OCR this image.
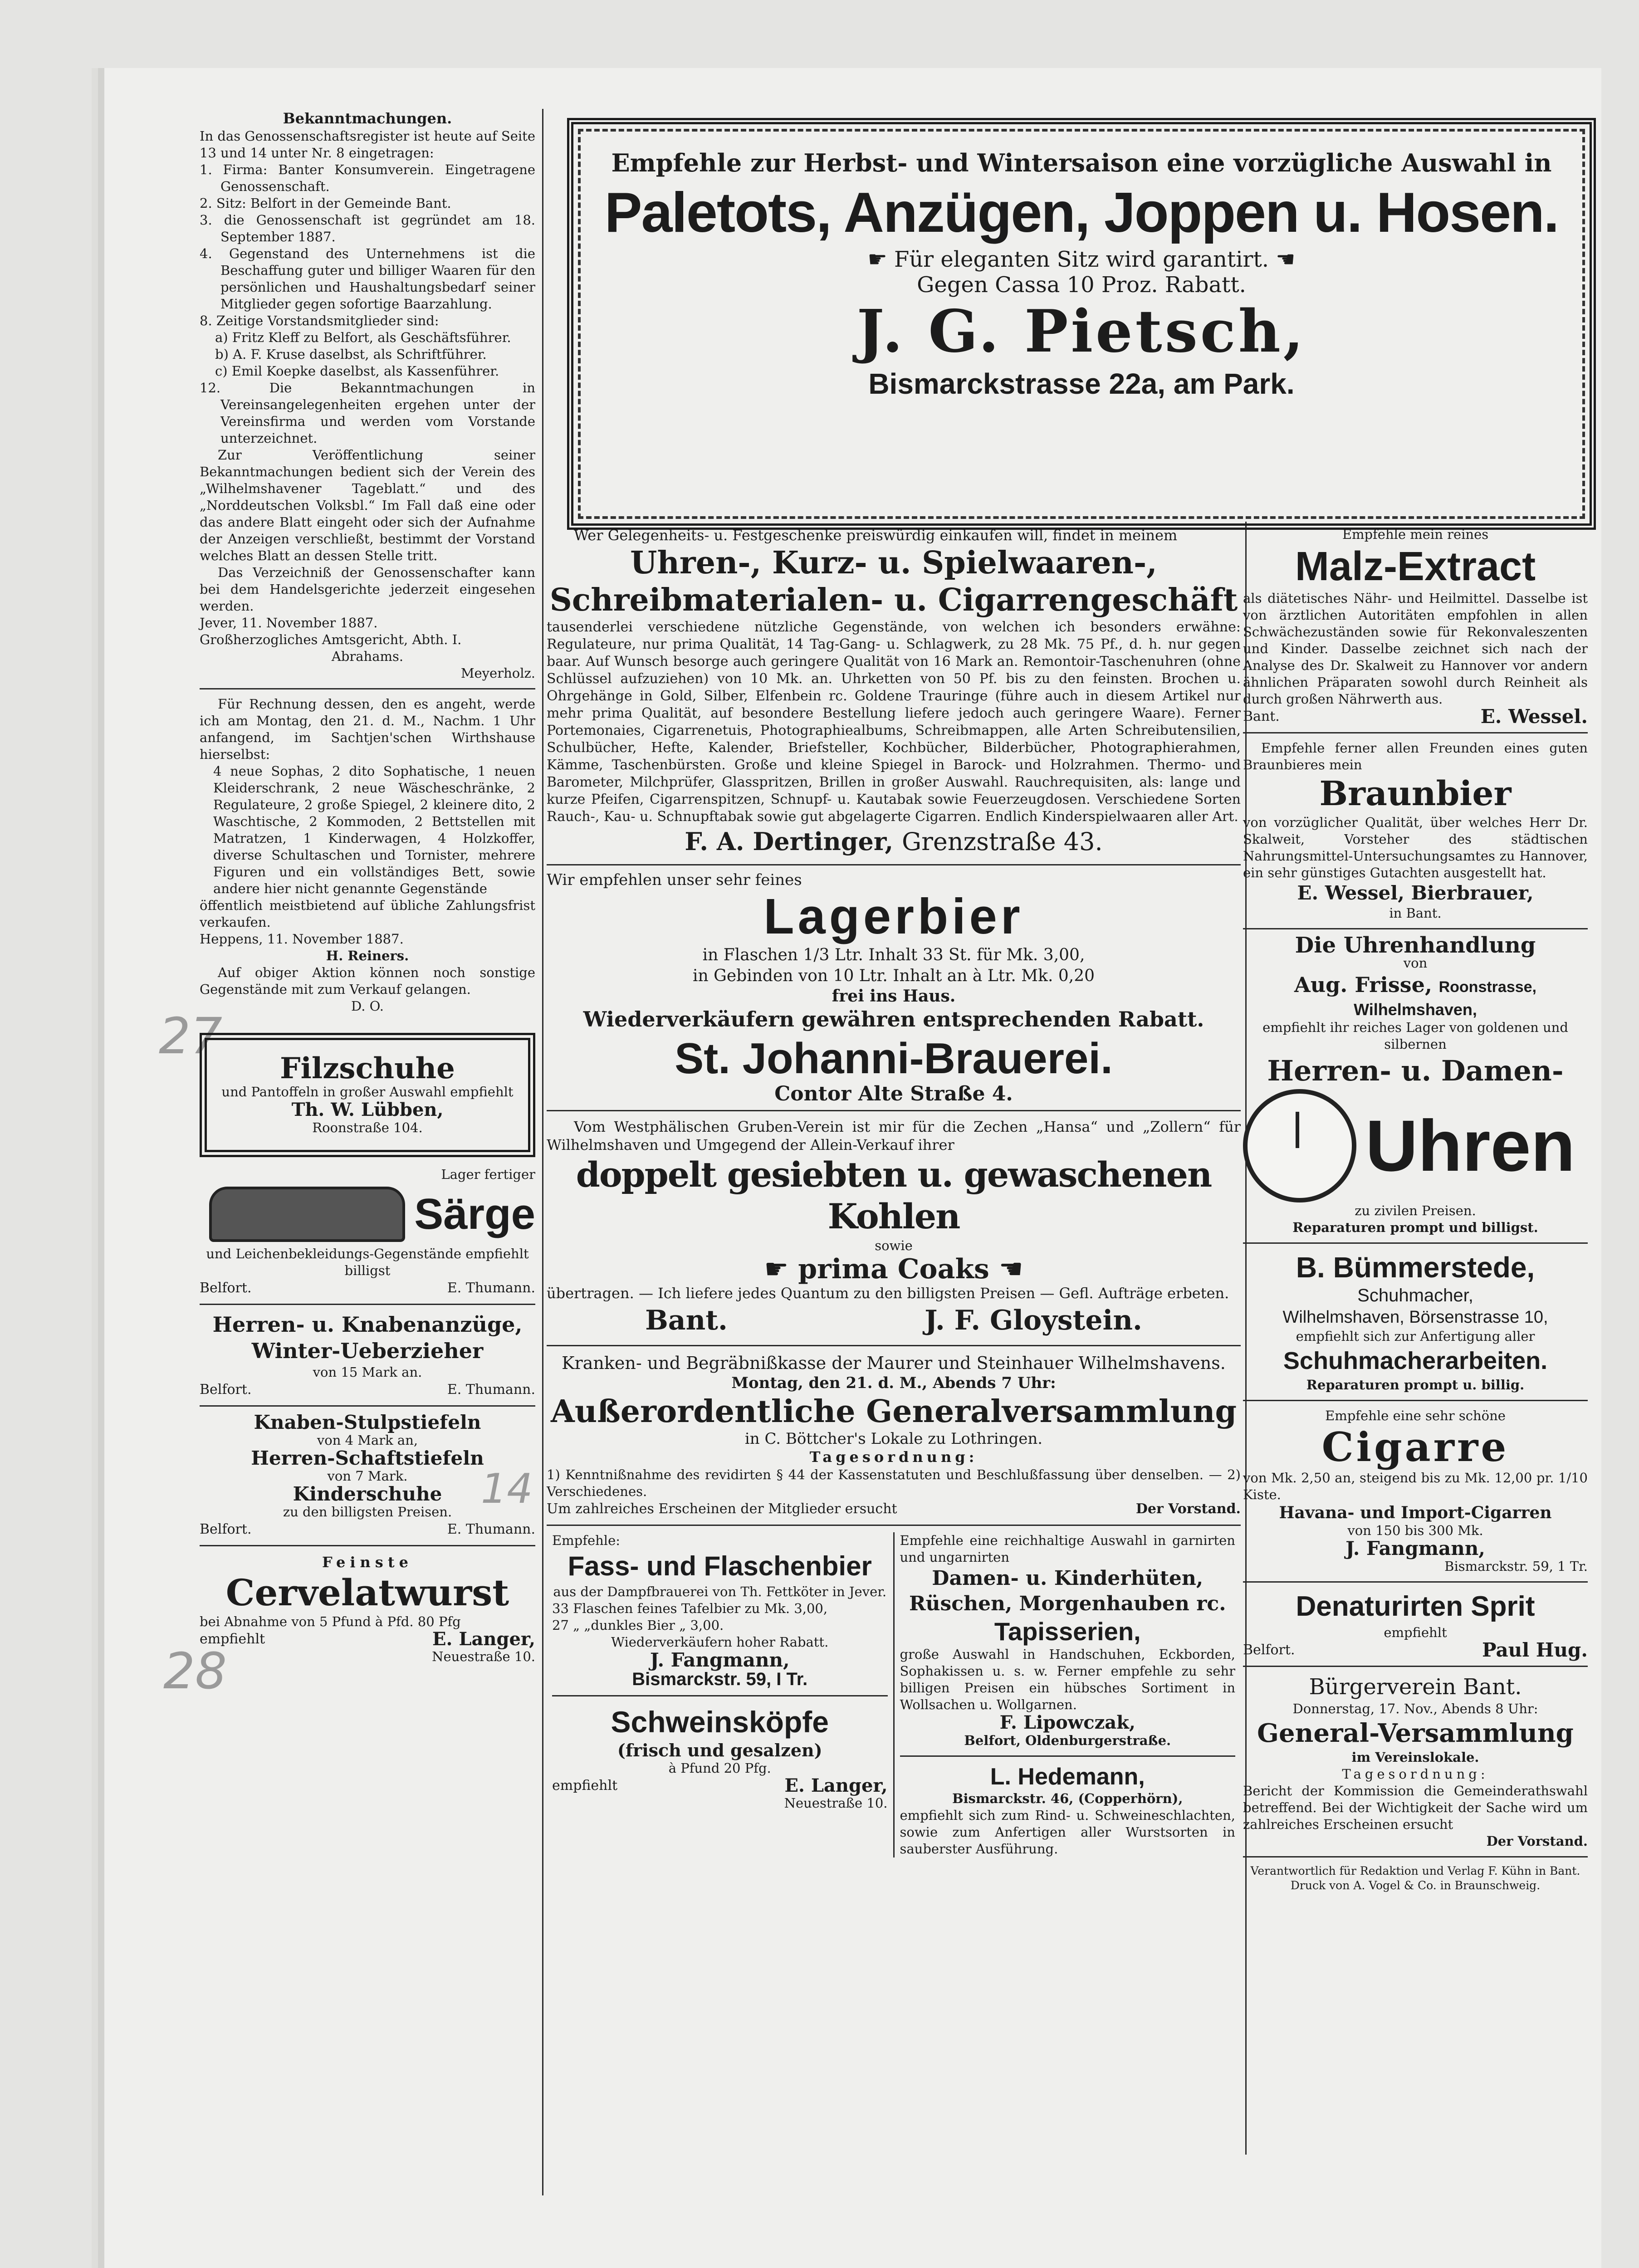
27
28
14

Bekanntmachungen.

In das Genossenschaftsregister ist heute auf Seite 13 und 14 unter Nr. 8 eingetragen:

1. Firma: Banter Konsumverein. Eingetragene Genossenschaft.

2. Sitz: Belfort in der Gemeinde Bant.

3. die Genossenschaft ist gegründet am 18. September 1887.

4. Gegenstand des Unternehmens ist die Beschaffung guter und billiger Waaren für den persönlichen und Haushaltungsbedarf seiner Mitglieder gegen sofortige Baarzahlung.

8. Zeitige Vorstandsmitglieder sind:

a) Fritz Kleff zu Belfort, als Geschäftsführer.

b) A. F. Kruse daselbst, als Schriftführer.

c) Emil Koepke daselbst, als Kassenführer.

12. Die Bekanntmachungen in Vereinsangelegenheiten ergehen unter der Vereinsfirma und werden vom Vorstande unterzeichnet.

Zur Veröffentlichung seiner Bekanntmachungen bedient sich der Verein des „Wilhelmshavener Tageblatt.“ und des „Norddeutschen Volksbl.“ Im Fall daß eine oder das andere Blatt eingeht oder sich der Aufnahme der Anzeigen verschließt, bestimmt der Vorstand welches Blatt an dessen Stelle tritt.

Das Verzeichniß der Genossenschafter kann bei dem Handelsgerichte jederzeit eingesehen werden.

Jever, 11. November 1887.

Großherzogliches Amtsgericht, Abth. I.

Abrahams.

Meyerholz.

Für Rechnung dessen, den es angeht, werde ich am Montag, den 21. d. M., Nachm. 1 Uhr anfangend, im Sachtjen'schen Wirthshause hierselbst:

4 neue Sophas, 2 dito Sophatische, 1 neuen Kleiderschrank, 2 neue Wäscheschränke, 2 Regulateure, 2 große Spiegel, 2 kleinere dito, 2 Waschtische, 2 Kommoden, 2 Bettstellen mit Matratzen, 1 Kinderwagen, 4 Holzkoffer, diverse Schultaschen und Tornister, mehrere Figuren und ein vollständiges Bett, sowie andere hier nicht genannte Gegenstände

öffentlich meistbietend auf übliche Zahlungsfrist verkaufen.

Heppens, 11. November 1887.

H. Reiners.

Auf obiger Aktion können noch sonstige Gegenstände mit zum Verkauf gelangen.

D. O.

Filzschuhe

und Pantoffeln in großer Auswahl empfiehlt

Th. W. Lübben,

Roonstraße 104.

Lager fertiger

Särge

und Leichenbekleidungs-Gegenstände empfiehlt billigst

Belfort.	E. Thumann.

Herren- u. Knabenanzüge, Winter-Ueberzieher

von 15 Mark an.

Belfort.	E. Thumann.

Knaben-Stulpstiefeln

von 4 Mark an,

Herren-Schaftstiefeln

von 7 Mark.

Kinderschuhe

zu den billigsten Preisen.

Belfort.	E. Thumann.

Feinste

Cervelatwurst

bei Abnahme von 5 Pfund à Pfd. 80 Pfg

empfiehlt	E. Langer,

Neuestraße 10.

Empfehle zur Herbst- und Wintersaison eine vorzügliche Auswahl in

Paletots, Anzügen, Joppen u. Hosen.

☛ Für eleganten Sitz wird garantirt. ☚

Gegen Cassa 10 Proz. Rabatt.

J. G. Pietsch,

Bismarckstrasse 22a, am Park.

Wer Gelegenheits- u. Festgeschenke preiswürdig einkaufen will, findet in meinem

Uhren-, Kurz- u. Spielwaaren-, Schreibmaterialen- u. Cigarrengeschäft

tausenderlei verschiedene nützliche Gegenstände, von welchen ich besonders erwähne: Regulateure, nur prima Qualität, 14 Tag-Gang- u. Schlagwerk, zu 28 Mk. 75 Pf., d. h. nur gegen baar. Auf Wunsch besorge auch geringere Qualität von 16 Mark an. Remontoir-Taschenuhren (ohne Schlüssel aufzuziehen) von 10 Mk. an. Uhrketten von 50 Pf. bis zu den feinsten. Brochen u. Ohrgehänge in Gold, Silber, Elfenbein rc. Goldene Trauringe (führe auch in diesem Artikel nur mehr prima Qualität, auf besondere Bestellung liefere jedoch auch geringere Waare). Ferner Portemonaies, Cigarrenetuis, Photographiealbums, Schreibmappen, alle Arten Schreibutensilien, Schulbücher, Hefte, Kalender, Briefsteller, Kochbücher, Bilderbücher, Photographierahmen, Kämme, Taschenbürsten. Große und kleine Spiegel in Barock- und Holzrahmen. Thermo- und Barometer, Milchprüfer, Glasspritzen, Brillen in großer Auswahl. Rauchrequisiten, als: lange und kurze Pfeifen, Cigarrenspitzen, Schnupf- u. Kautabak sowie Feuerzeugdosen. Verschiedene Sorten Rauch-, Kau- u. Schnupftabak sowie gut abgelagerte Cigarren. Endlich Kinderspielwaaren aller Art.

F. A. Dertinger, Grenzstraße 43.

Wir empfehlen unser sehr feines

Lagerbier

in Flaschen 1/3 Ltr. Inhalt 33 St. für Mk. 3,00,

in Gebinden von 10 Ltr. Inhalt an à Ltr. Mk. 0,20

frei ins Haus.

Wiederverkäufern gewähren entsprechenden Rabatt.

St. Johanni-Brauerei.

Contor Alte Straße 4.

Vom Westphälischen Gruben-Verein ist mir für die Zechen „Hansa“ und „Zollern“ für Wilhelmshaven und Umgegend der Allein-Verkauf ihrer

doppelt gesiebten u. gewaschenen Kohlen

sowie

☛ prima Coaks ☚

übertragen. — Ich liefere jedes Quantum zu den billigsten Preisen — Gefl. Aufträge erbeten.

Bant.	J. F. Gloystein.

Kranken- und Begräbnißkasse der Maurer und Steinhauer Wilhelmshavens.

Montag, den 21. d. M., Abends 7 Uhr:

Außerordentliche Generalversammlung

in C. Böttcher's Lokale zu Lothringen.

Tagesordnung:

1) Kenntnißnahme des revidirten § 44 der Kassenstatuten und Beschlußfassung über denselben. — 2) Verschiedenes.

Um zahlreiches Erscheinen der Mitglieder ersucht	Der Vorstand.

Empfehle:

Fass- und Flaschenbier

aus der Dampfbrauerei von Th. Fettköter in Jever.

33 Flaschen feines Tafelbier zu Mk. 3,00,

27 „ „dunkles Bier „ 3,00.

Wiederverkäufern hoher Rabatt.

J. Fangmann,

Bismarckstr. 59, I Tr.

Schweinsköpfe

(frisch und gesalzen)

à Pfund 20 Pfg.

empfiehlt	E. Langer,

Neuestraße 10.

Empfehle eine reichhaltige Auswahl in garnirten und ungarnirten

Damen- u. Kinderhüten, Rüschen, Morgenhauben rc.

Tapisserien,

große Auswahl in Handschuhen, Eckborden, Sophakissen u. s. w. Ferner empfehle zu sehr billigen Preisen ein hübsches Sortiment in Wollsachen u. Wollgarnen.

F. Lipowczak,

Belfort, Oldenburgerstraße.

L. Hedemann,

Bismarckstr. 46, (Copperhörn),

empfiehlt sich zum Rind- u. Schweineschlachten, sowie zum Anfertigen aller Wurstsorten in sauberster Ausführung.

Empfehle mein reines

Malz-Extract

als diätetisches Nähr- und Heilmittel. Dasselbe ist von ärztlichen Autoritäten empfohlen in allen Schwächezuständen sowie für Rekonvaleszenten und Kinder. Dasselbe zeichnet sich nach der Analyse des Dr. Skalweit zu Hannover vor andern ähnlichen Präparaten sowohl durch Reinheit als durch großen Nährwerth aus.

Bant.	E. Wessel.

Empfehle ferner allen Freunden eines guten Braunbieres mein

Braunbier

von vorzüglicher Qualität, über welches Herr Dr. Skalweit, Vorsteher des städtischen Nahrungsmittel-Untersuchungsamtes zu Hannover, ein sehr günstiges Gutachten ausgestellt hat.

E. Wessel, Bierbrauer,

in Bant.

Die Uhrenhandlung

von

Aug. Frisse, Roonstrasse,

Wilhelmshaven,

empfiehlt ihr reiches Lager von goldenen und silbernen

Herren- u. Damen-

Uhren

zu zivilen Preisen.

Reparaturen prompt und billigst.

B. Bümmerstede,

Schuhmacher,

Wilhelmshaven, Börsenstrasse 10,

empfiehlt sich zur Anfertigung aller

Schuhmacherarbeiten.

Reparaturen prompt u. billig.

Empfehle eine sehr schöne

Cigarre

von Mk. 2,50 an, steigend bis zu Mk. 12,00 pr. 1/10 Kiste.

Havana- und Import-Cigarren

von 150 bis 300 Mk.

J. Fangmann,

Bismarckstr. 59, 1 Tr.

Denaturirten Sprit

empfiehlt

Belfort.	Paul Hug.

Bürgerverein Bant.

Donnerstag, 17. Nov., Abends 8 Uhr:

General-Versammlung

im Vereinslokale.

Tagesordnung:

Bericht der Kommission die Gemeinderathswahl betreffend. Bei der Wichtigkeit der Sache wird um zahlreiches Erscheinen ersucht

Der Vorstand.

Verantwortlich für Redaktion und Verlag F. Kühn in Bant.

Druck von A. Vogel & Co. in Braunschweig.
